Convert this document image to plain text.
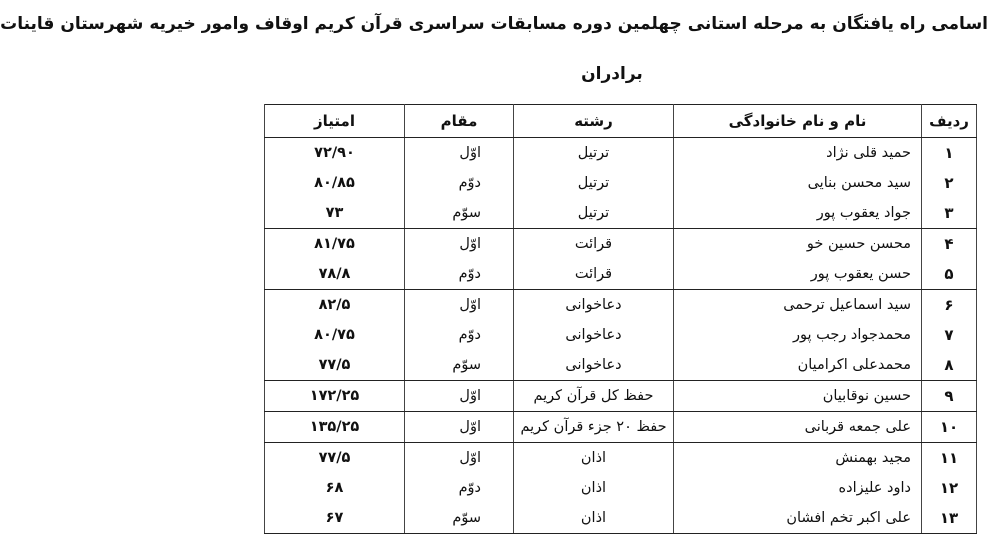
اسامی راه یافتگان به مرحله استانی چهلمین دوره مسابقات سراسری قرآن کریم اوقاف وامور خیریه شهرستان قاینات
برادران
ردیف	نام و نام خانوادگی	رشته	مقام	امتیاز
۱	حمید قلی نژاد	ترتیل	اوّل	۷۲/۹۰
۲	سید محسن بنایی	ترتیل	دوّم	۸۰/۸۵
۳	جواد یعقوب پور	ترتیل	سوّم	۷۳
۴	محسن حسین خو	قرائت	اوّل	۸۱/۷۵
۵	حسن یعقوب پور	قرائت	دوّم	۷۸/۸
۶	سید اسماعیل ترحمی	دعاخوانی	اوّل	۸۲/۵
۷	محمدجواد رجب پور	دعاخوانی	دوّم	۸۰/۷۵
۸	محمدعلی اکرامیان	دعاخوانی	سوّم	۷۷/۵
۹	حسین نوقابیان	حفظ کل قرآن کریم	اوّل	۱۷۲/۲۵
۱۰	علی جمعه قربانی	حفظ ۲۰ جزء قرآن کریم	اوّل	۱۳۵/۲۵
۱۱	مجید بهمنش	اذان	اوّل	۷۷/۵
۱۲	داود علیزاده	اذان	دوّم	۶۸
۱۳	علی اکبر تخم افشان	اذان	سوّم	۶۷
